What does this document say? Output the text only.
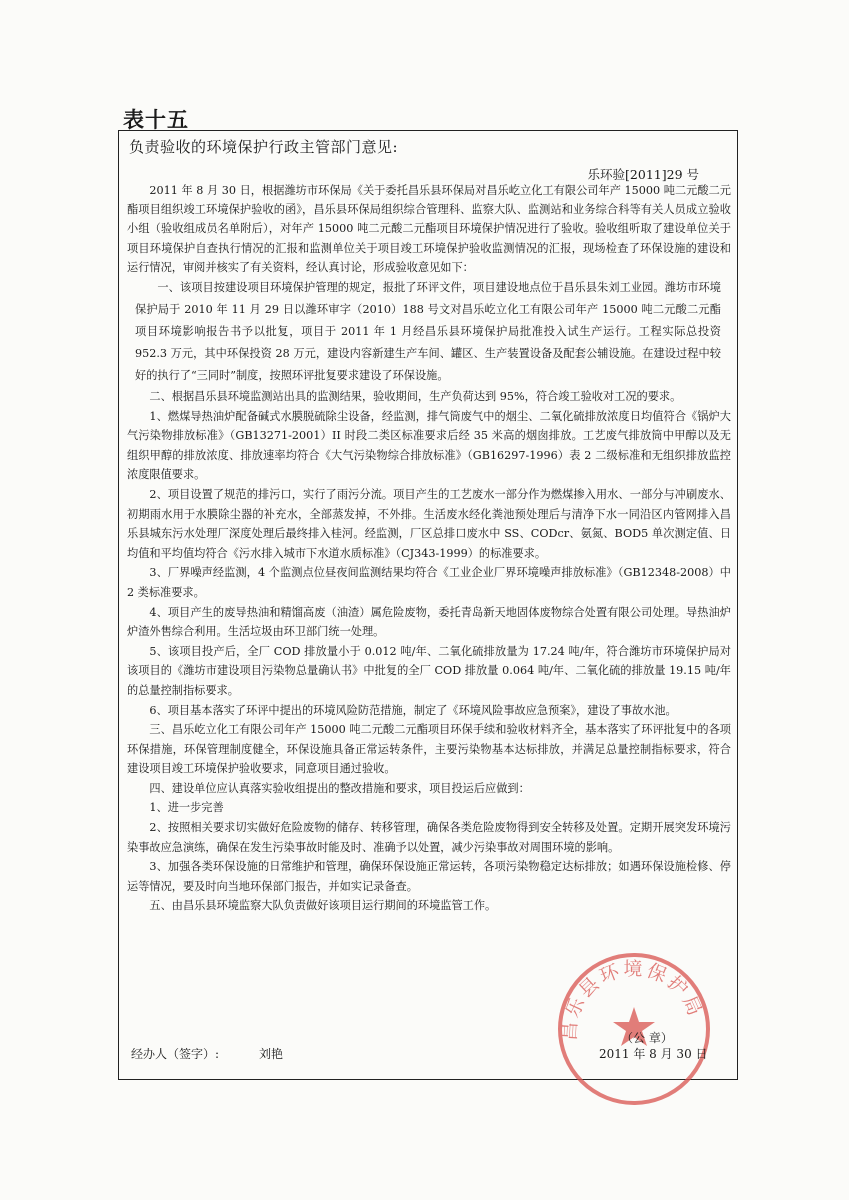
表十五
负责验收的环境保护行政主管部门意见:
乐环验[2011]29 号

2011 年 8 月 30 日，根据潍坊市环保局《关于委托昌乐县环保局对昌乐屹立化工有限公司年产 15000 吨二元酸二元酯项目组织竣工环境保护验收的函》，昌乐县环保局组织综合管理科、监察大队、监测站和业务综合科等有关人员成立验收小组（验收组成员名单附后），对年产 15000 吨二元酸二元酯项目环境保护情况进行了验收。验收组听取了建设单位关于项目环境保护自查执行情况的汇报和监测单位关于项目竣工环境保护验收监测情况的汇报，现场检查了环保设施的建设和运行情况，审阅并核实了有关资料，经认真讨论，形成验收意见如下：

一、该项目按建设项目环境保护管理的规定，报批了环评文件，项目建设地点位于昌乐县朱刘工业园。潍坊市环境保护局于 2010 年 11 月 29 日以潍环审字（2010）188 号文对昌乐屹立化工有限公司年产 15000 吨二元酸二元酯项目环境影响报告书予以批复，项目于 2011 年 1 月经昌乐县环境保护局批准投入试生产运行。工程实际总投资 952.3 万元，其中环保投资 28 万元，建设内容新建生产车间、罐区、生产装置设备及配套公辅设施。在建设过程中较好的执行了“三同时”制度，按照环评批复要求建设了环保设施。

二、根据昌乐县环境监测站出具的监测结果，验收期间，生产负荷达到 95%，符合竣工验收对工况的要求。

1、燃煤导热油炉配备碱式水膜脱硫除尘设备，经监测，排气筒废气中的烟尘、二氧化硫排放浓度日均值符合《锅炉大气污染物排放标准》（GB13271-2001）II 时段二类区标准要求后经 35 米高的烟囱排放。工艺废气排放筒中甲醇以及无组织甲醇的排放浓度、排放速率均符合《大气污染物综合排放标准》（GB16297-1996）表 2 二级标准和无组织排放监控浓度限值要求。

2、项目设置了规范的排污口，实行了雨污分流。项目产生的工艺废水一部分作为燃煤掺入用水、一部分与冲刷废水、初期雨水用于水膜除尘器的补充水，全部蒸发掉，不外排。生活废水经化粪池预处理后与清净下水一同沿区内管网排入昌乐县城东污水处理厂深度处理后最终排入桂河。经监测，厂区总排口废水中 SS、CODcr、氨氮、BOD5 单次测定值、日均值和平均值均符合《污水排入城市下水道水质标准》（CJ343-1999）的标准要求。

3、厂界噪声经监测，4 个监测点位昼夜间监测结果均符合《工业企业厂界环境噪声排放标准》（GB12348-2008）中 2 类标准要求。

4、项目产生的废导热油和精馏高废（油渣）属危险废物，委托青岛新天地固体废物综合处置有限公司处理。导热油炉炉渣外售综合利用。生活垃圾由环卫部门统一处理。

5、该项目投产后，全厂 COD 排放量小于 0.012 吨/年、二氧化硫排放量为 17.24 吨/年，符合潍坊市环境保护局对该项目的《潍坊市建设项目污染物总量确认书》中批复的全厂 COD 排放量 0.064 吨/年、二氧化硫的排放量 19.15 吨/年的总量控制指标要求。

6、项目基本落实了环评中提出的环境风险防范措施，制定了《环境风险事故应急预案》，建设了事故水池。

三、昌乐屹立化工有限公司年产 15000 吨二元酸二元酯项目环保手续和验收材料齐全，基本落实了环评批复中的各项环保措施，环保管理制度健全，环保设施具备正常运转条件，主要污染物基本达标排放，并满足总量控制指标要求，符合建设项目竣工环境保护验收要求，同意项目通过验收。

四、建设单位应认真落实验收组提出的整改措施和要求，项目投运后应做到：

1、进一步完善

2、按照相关要求切实做好危险废物的储存、转移管理，确保各类危险废物得到安全转移及处置。定期开展突发环境污染事故应急演练，确保在发生污染事故时能及时、准确予以处置，减少污染事故对周围环境的影响。

3、加强各类环保设施的日常维护和管理，确保环保设施正常运转，各项污染物稳定达标排放；如遇环保设施检修、停运等情况，要及时向当地环保部门报告，并如实记录备查。

五、由昌乐县环境监察大队负责做好该项目运行期间的环境监管工作。

昌乐县环境保护局
（公 章）
2011 年 8 月 30 日
经办人（签字）:	刘艳
